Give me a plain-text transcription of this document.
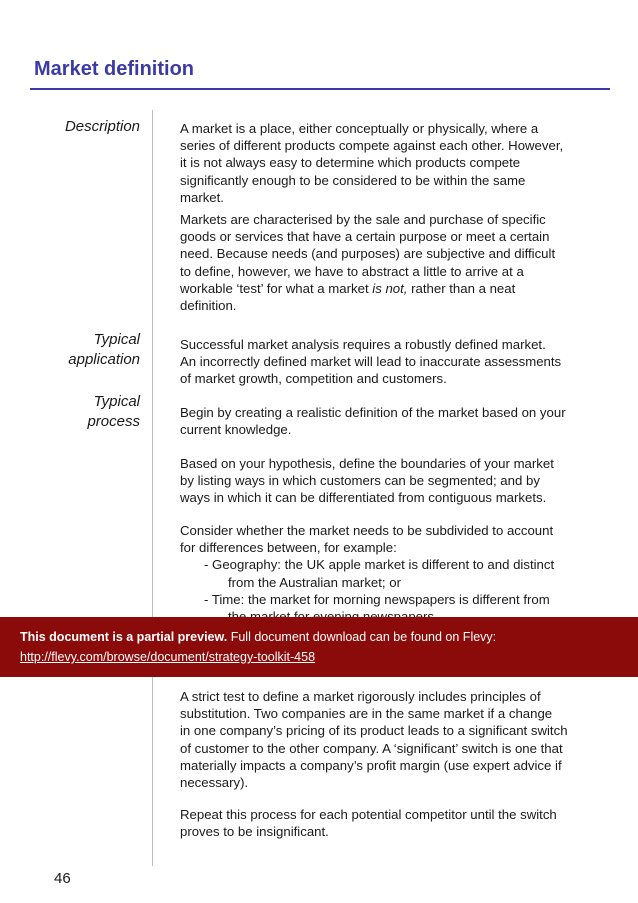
Market definition
Description
Typical
application
Typical
process
A market is a place, either conceptually or physically, where a
series of different products compete against each other. However,
it is not always easy to determine which products compete
significantly enough to be considered to be within the same
market.
Markets are characterised by the sale and purchase of specific
goods or services that have a certain purpose or meet a certain
need. Because needs (and purposes) are subjective and difficult
to define, however, we have to abstract a little to arrive at a
workable ‘test’ for what a market is not, rather than a neat
definition.
Successful market analysis requires a robustly defined market.
An incorrectly defined market will lead to inaccurate assessments
of market growth, competition and customers.
Begin by creating a realistic definition of the market based on your
current knowledge.
Based on your hypothesis, define the boundaries of your market
by listing ways in which customers can be segmented; and by
ways in which it can be differentiated from contiguous markets.
Consider whether the market needs to be subdivided to account
for differences between, for example:
- Geography: the UK apple market is different to and distinct
from the Australian market; or
- Time: the market for morning newspapers is different from
This document is a partial preview. Full document download can be found on Flevy:
http://flevy.com/browse/document/strategy-toolkit-458
A strict test to define a market rigorously includes principles of
substitution. Two companies are in the same market if a change
in one company’s pricing of its product leads to a significant switch
of customer to the other company. A ‘significant’ switch is one that
materially impacts a company’s profit margin (use expert advice if
necessary).
Repeat this process for each potential competitor until the switch
proves to be insignificant.
46
